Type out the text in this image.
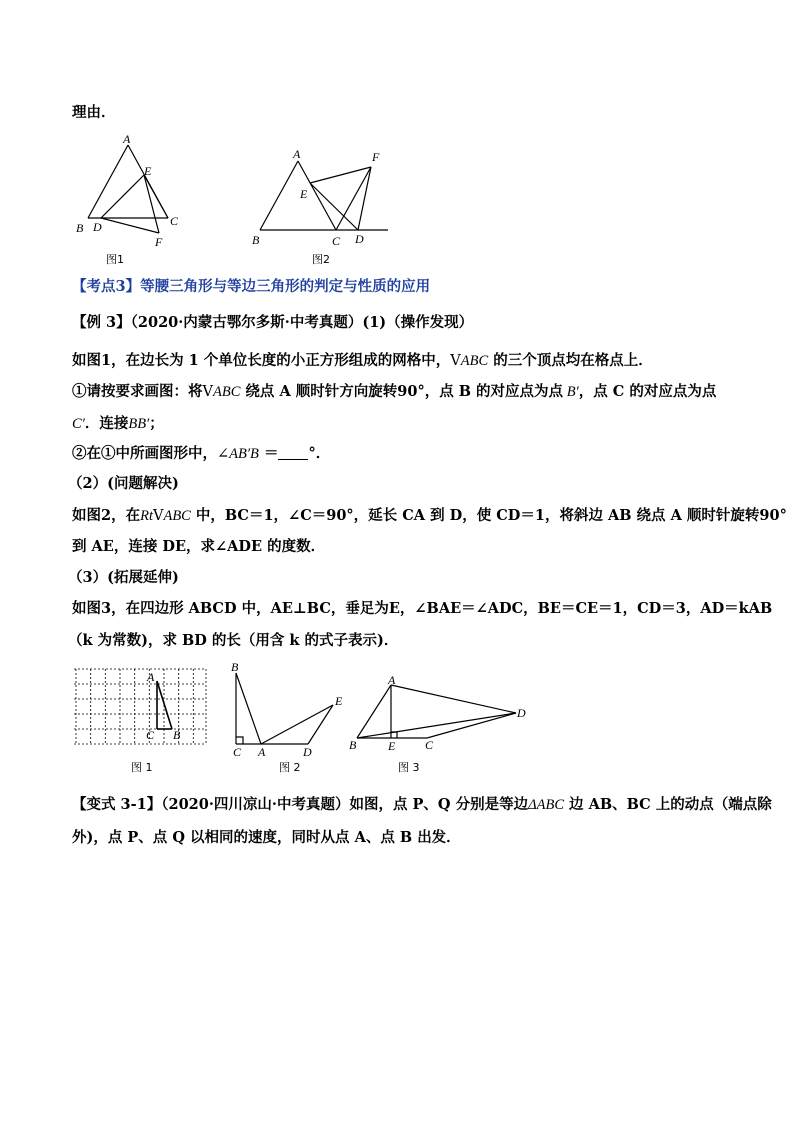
理由．
A
E
B D	C
F
图1
A	F
E
B	C D
图2
【考点3】等腰三角形与等边三角形的判定与性质的应用
【例 3】（2020·内蒙古鄂尔多斯·中考真题）(1)（操作发现）
如图1，在边长为 1 个单位长度的小正方形组成的网格中，VABC 的三个顶点均在格点上．
①请按要求画图：将VABC 绕点 A 顺时针方向旋转90°，点 B 的对应点为点 B′，点 C 的对应点为点
C′．连接BB′；
②在①中所画图形中，∠AB′B ＝ °．
（2）(问题解决)
如图2，在RtVABC 中，BC＝1，∠C＝90°，延长 CA 到 D，使 CD＝1，将斜边 AB 绕点 A 顺时针旋转90°
到 AE，连接 DE，求∠ADE 的度数．
（3）(拓展延伸)
如图3，在四边形 ABCD 中，AE⊥BC，垂足为E，∠BAE＝∠ADC，BE＝CE＝1，CD＝3，AD＝kAB
（k 为常数)，求 BD 的长（用含 k 的式子表示)．
A
C B
图 1
B
E
C A	D
图 2
A
D
B	E C
图 3
【变式 3-1】（2020·四川凉山·中考真题）如图，点 P、Q 分别是等边ΔABC 边 AB、BC 上的动点（端点除
外)，点 P、点 Q 以相同的速度，同时从点 A、点 B 出发．
